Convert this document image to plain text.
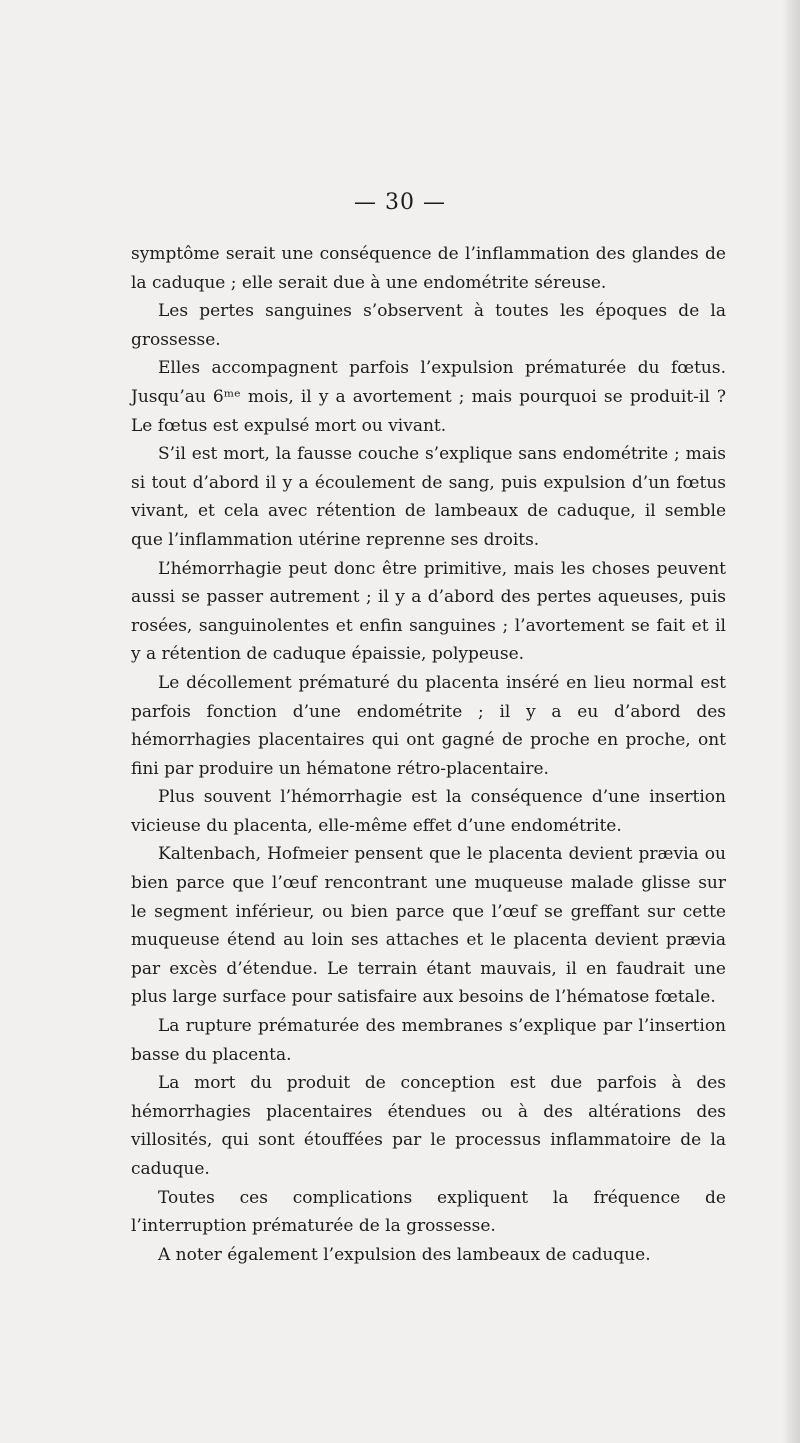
— 30 —

symptôme serait une conséquence de l’inflammation des glandes de la caduque ; elle serait due à une endométrite séreuse.

Les pertes sanguines s’observent à toutes les époques de la grossesse.

Elles accompagnent parfois l’expulsion prématurée du fœtus. Jusqu’au 6ᵐᵉ mois, il y a avortement ; mais pourquoi se produit-il ? Le fœtus est expulsé mort ou vivant.

S’il est mort, la fausse couche s’explique sans endométrite ; mais si tout d’abord il y a écoulement de sang, puis expulsion d’un fœtus vivant, et cela avec rétention de lambeaux de caduque, il semble que l’inflammation utérine reprenne ses droits.

L’hémorrhagie peut donc être primitive, mais les choses peuvent aussi se passer autrement ; il y a d’abord des pertes aqueuses, puis rosées, sanguinolentes et enfin sanguines ; l’avortement se fait et il y a rétention de caduque épaissie, polypeuse.

Le décollement prématuré du placenta inséré en lieu normal est parfois fonction d’une endométrite ; il y a eu d’abord des hémorrhagies placentaires qui ont gagné de proche en proche, ont fini par produire un hématone rétro-placentaire.

Plus souvent l’hémorrhagie est la conséquence d’une insertion vicieuse du placenta, elle-même effet d’une endométrite.

Kaltenbach, Hofmeier pensent que le placenta devient prævia ou bien parce que l’œuf rencontrant une muqueuse malade glisse sur le segment inférieur, ou bien parce que l’œuf se greffant sur cette muqueuse étend au loin ses attaches et le placenta devient prævia par excès d’étendue. Le terrain étant mauvais, il en faudrait une plus large surface pour satisfaire aux besoins de l’hématose fœtale.

La rupture prématurée des membranes s’explique par l’insertion basse du placenta.

La mort du produit de conception est due parfois à des hémorrhagies placentaires étendues ou à des altérations des villosités, qui sont étouffées par le processus inflammatoire de la caduque.

Toutes ces complications expliquent la fréquence de l’interruption prématurée de la grossesse.

A noter également l’expulsion des lambeaux de caduque.
